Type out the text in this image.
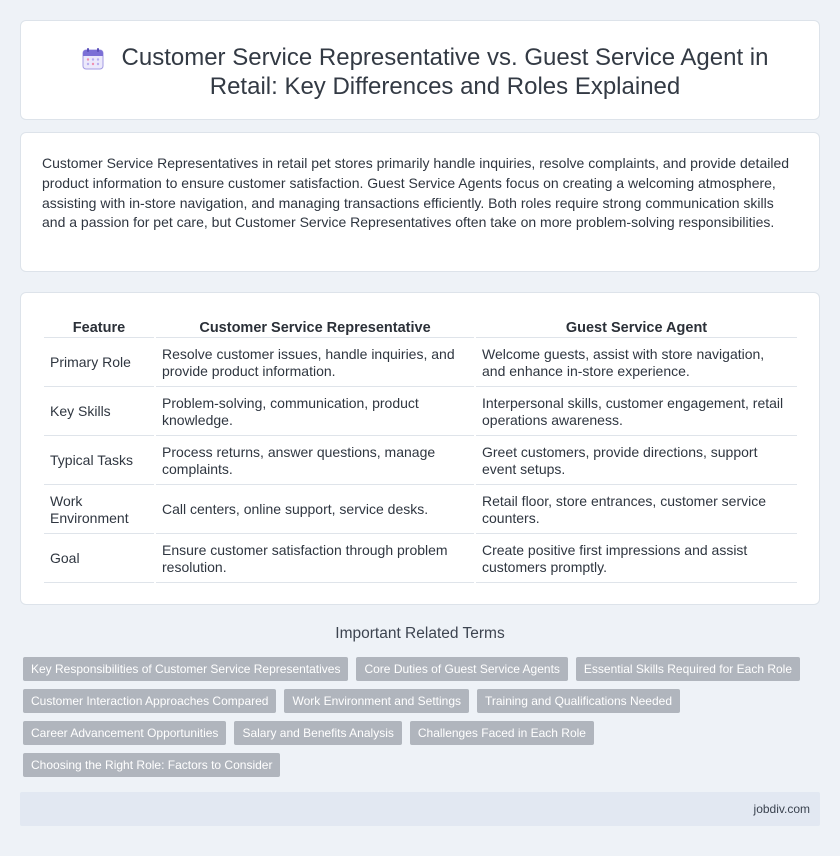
Customer Service Representative vs. Guest Service Agent in Retail: Key Differences and Roles Explained

Customer Service Representatives in retail pet stores primarily handle inquiries, resolve complaints, and provide detailed product information to ensure customer satisfaction. Guest Service Agents focus on creating a welcoming atmosphere, assisting with in-store navigation, and managing transactions efficiently. Both roles require strong communication skills and a passion for pet care, but Customer Service Representatives often take on more problem-solving responsibilities.

Feature	Customer Service Representative	Guest Service Agent
Primary Role	Resolve customer issues, handle inquiries, and provide product information.	Welcome guests, assist with store navigation, and enhance in-store experience.
Key Skills	Problem-solving, communication, product knowledge.	Interpersonal skills, customer engagement, retail operations awareness.
Typical Tasks	Process returns, answer questions, manage complaints.	Greet customers, provide directions, support event setups.
Work Environment	Call centers, online support, service desks.	Retail floor, store entrances, customer service counters.
Goal	Ensure customer satisfaction through problem resolution.	Create positive first impressions and assist customers promptly.
Important Related Terms
Key Responsibilities of Customer Service Representatives	Core Duties of Guest Service Agents	Essential Skills Required for Each Role
Customer Interaction Approaches Compared	Work Environment and Settings	Training and Qualifications Needed
Career Advancement Opportunities	Salary and Benefits Analysis	Challenges Faced in Each Role
Choosing the Right Role: Factors to Consider
jobdiv.com
